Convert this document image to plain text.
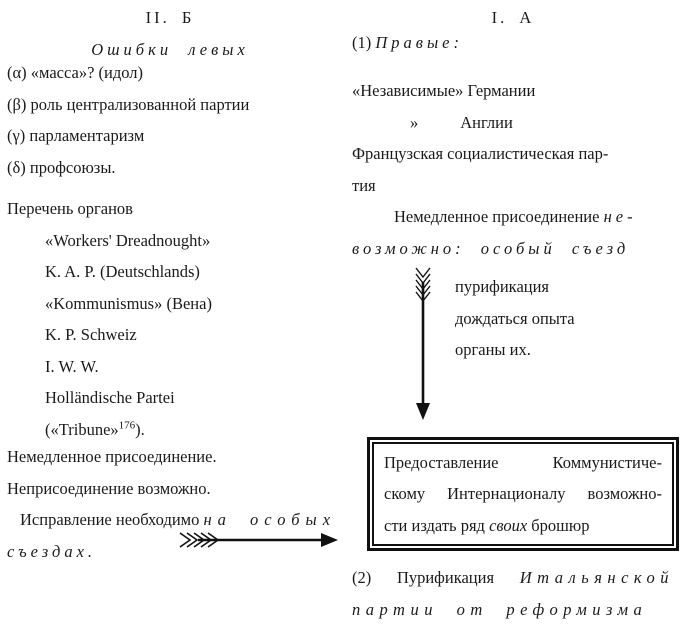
II. Б
Ошибки левых
(α) «масса»? (идол)
(β) роль централизованной партии
(γ) парламентаризм
(δ) профсоюзы.
Перечень органов
«Workers' Dreadnought»
K. A. P. (Deutschlands)
«Kommunismus» (Вена)
K. P. Schweiz
I. W. W.
Holländische Partei
(«Tribune»$^{176}$).
Немедленное присоединение.
Неприсоединение возможно.
Исправление необходимо на особых
съездах.
I. А
(1) Правые:
«Независимые» Германии
»	Англии
Французская социалистическая пар-
тия
Немедленное присоединение не-
возможно: особый съезд
пурификация
дождаться опыта
органы их.
Предоставление Коммунистиче-
скому Интернационалу возможно-
сти издать ряд своих брошюр
(2) Пурификация Итальянской
партии от реформизма
